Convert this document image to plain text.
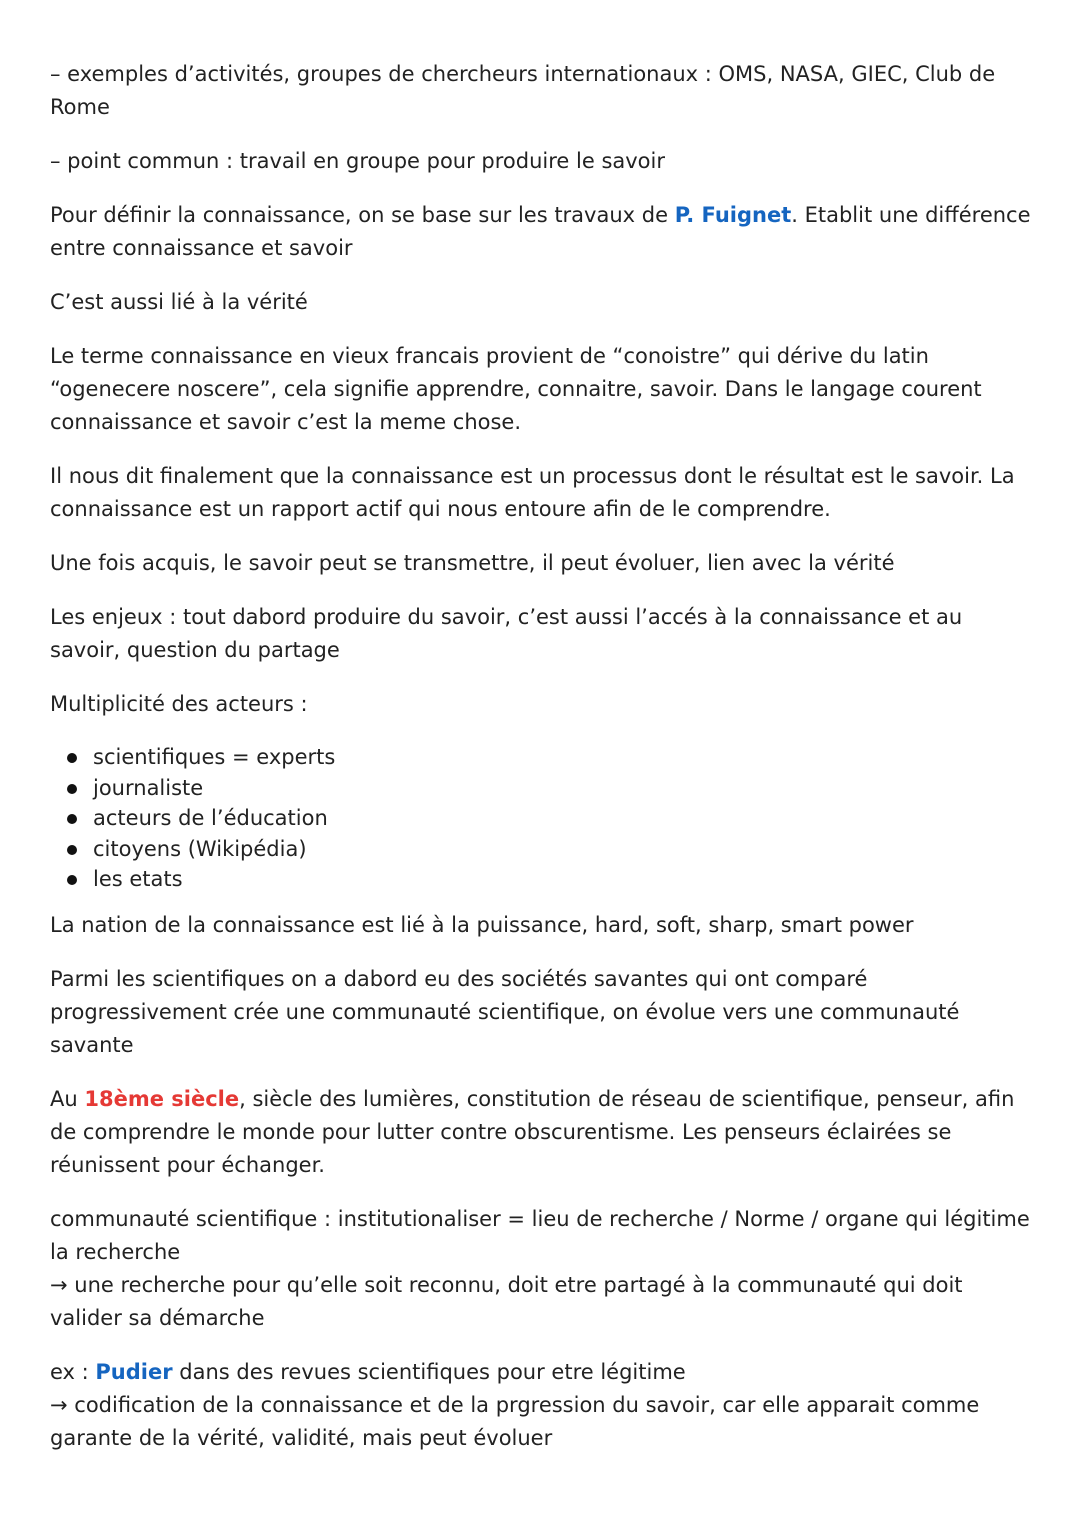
– exemples d’activités, groupes de chercheurs internationaux : OMS, NASA, GIEC, Club de Rome
– point commun : travail en groupe pour produire le savoir
Pour définir la connaissance, on se base sur les travaux de P. Fuignet. Etablit une différence entre connaissance et savoir
C’est aussi lié à la vérité
Le terme connaissance en vieux francais provient de “conoistre” qui dérive du latin “ogenecere noscere”, cela signifie apprendre, connaitre, savoir. Dans le langage courent connaissance et savoir c’est la meme chose.
Il nous dit finalement que la connaissance est un processus dont le résultat est le savoir. La connaissance est un rapport actif qui nous entoure afin de le comprendre.
Une fois acquis, le savoir peut se transmettre, il peut évoluer, lien avec la vérité
Les enjeux : tout dabord produire du savoir, c’est aussi l’accés à la connaissance et au savoir, question du partage
Multiplicité des acteurs :
scientifiques = experts
journaliste
acteurs de l’éducation
citoyens (Wikipédia)
les etats
La nation de la connaissance est lié à la puissance, hard, soft, sharp, smart power
Parmi les scientifiques on a dabord eu des sociétés savantes qui ont comparé progressivement crée une communauté scientifique, on évolue vers une communauté savante
Au 18ème siècle, siècle des lumières, constitution de réseau de scientifique, penseur, afin de comprendre le monde pour lutter contre obscurentisme. Les penseurs éclairées se réunissent pour échanger.
communauté scientifique : institutionaliser = lieu de recherche / Norme / organe qui légitime la recherche
→ une recherche pour qu’elle soit reconnu, doit etre partagé à la communauté qui doit valider sa démarche
ex : Pudier dans des revues scientifiques pour etre légitime
→ codification de la connaissance et de la prgression du savoir, car elle apparait comme garante de la vérité, validité, mais peut évoluer
